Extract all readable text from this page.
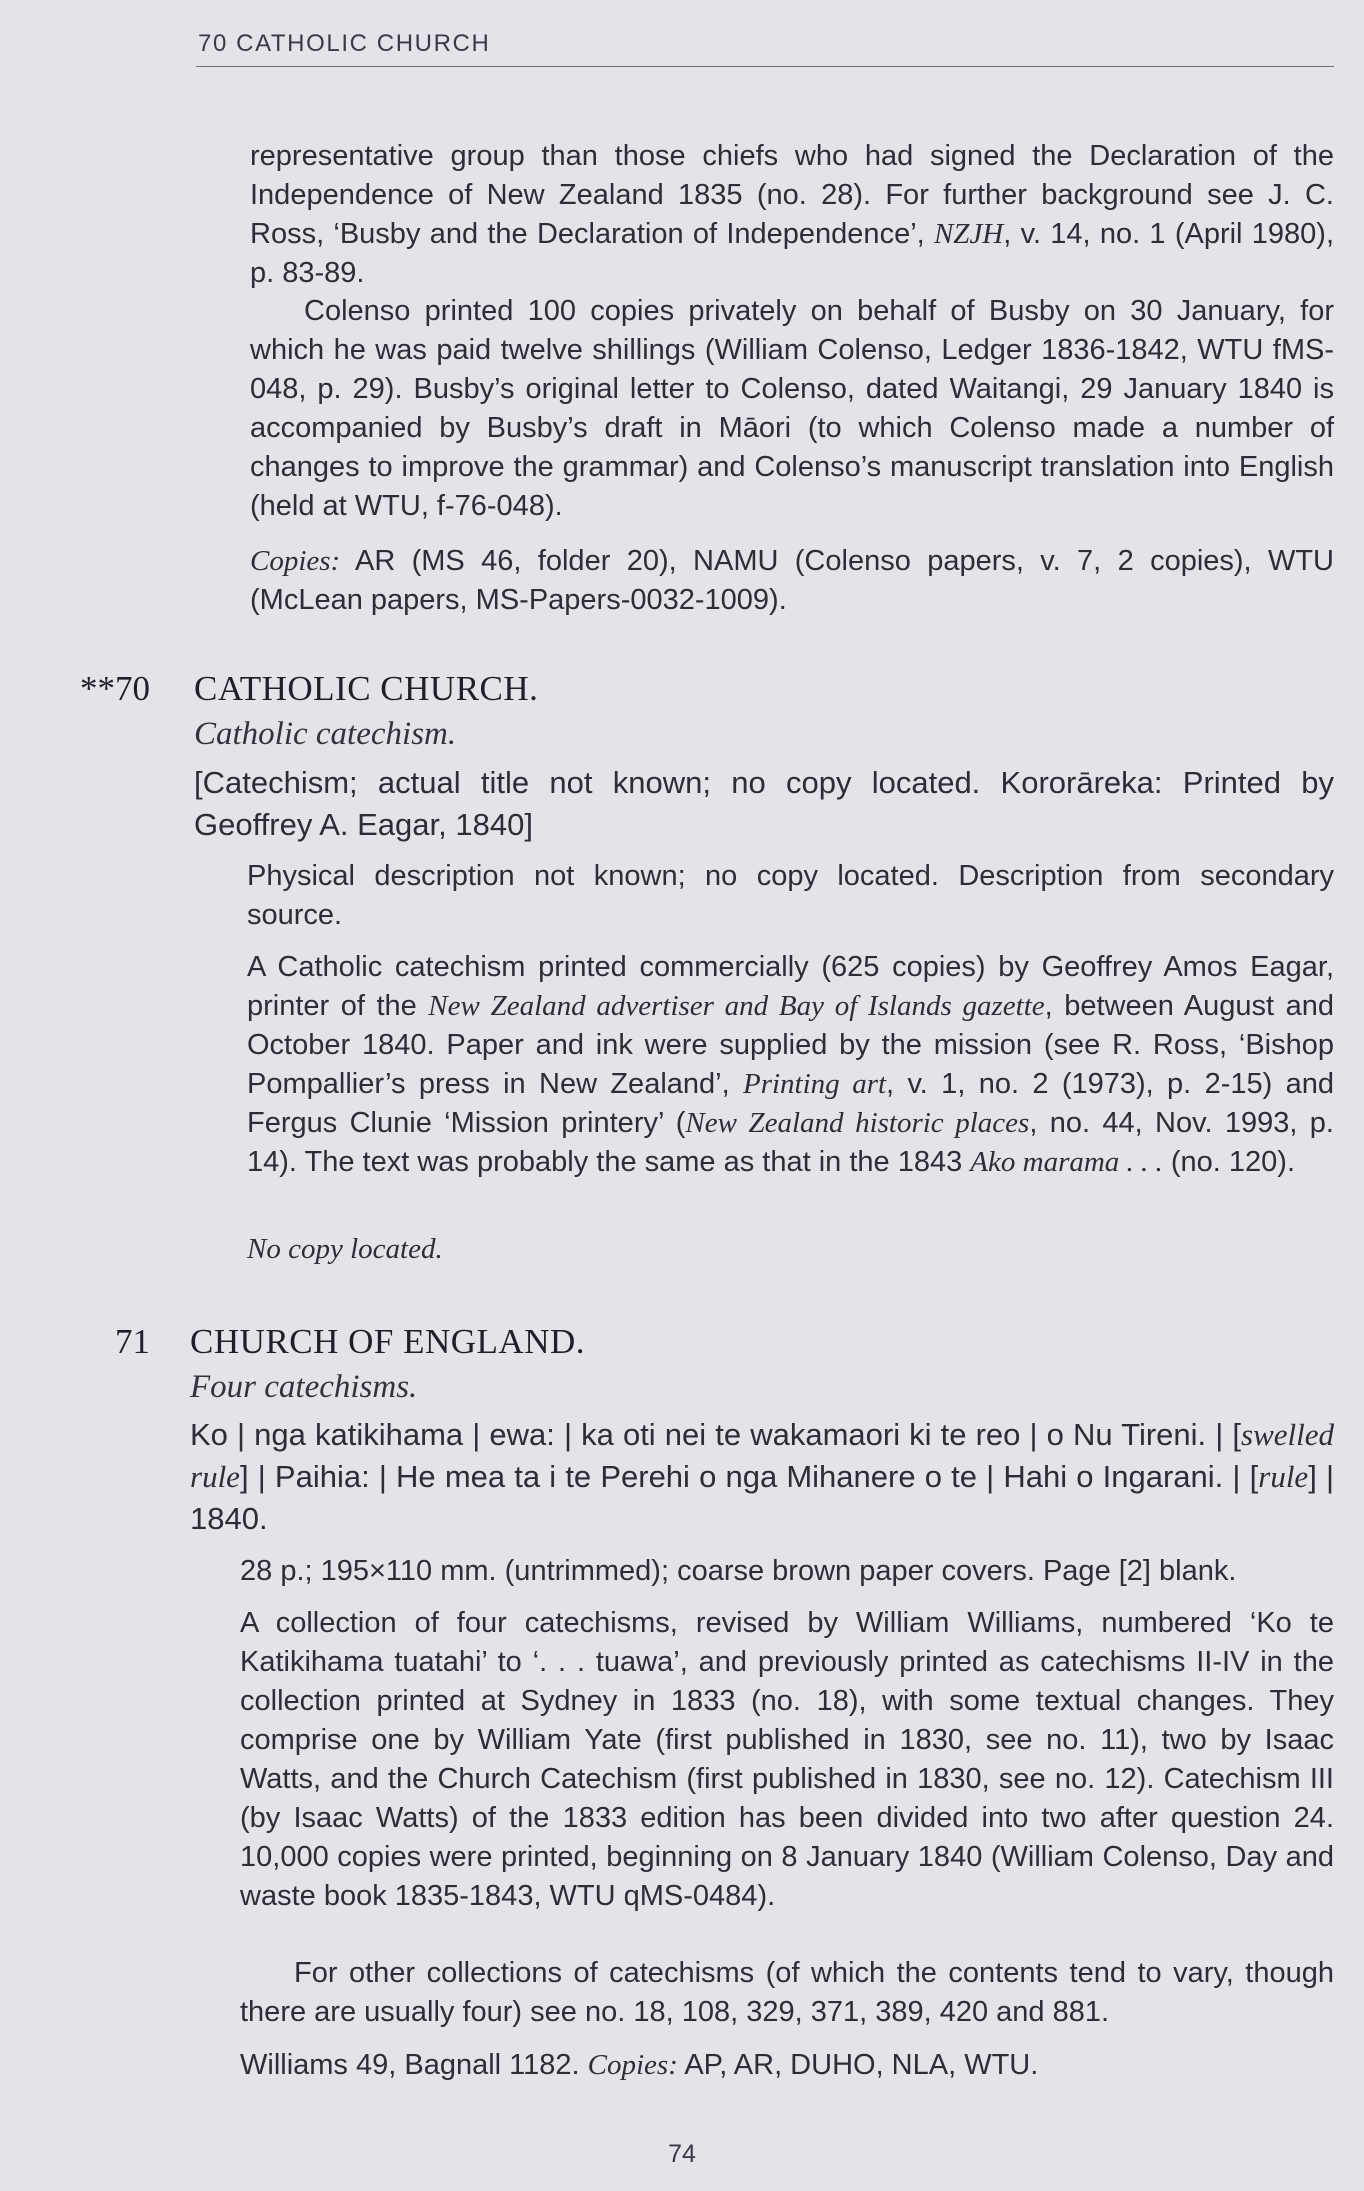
70 CATHOLIC CHURCH

representative group than those chiefs who had signed the Declaration of the Independence of New Zealand 1835 (no. 28). For further background see J. C. Ross, ‘Busby and the Declaration of Independence’, NZJH, v. 14, no. 1 (April 1980), p. 83-89.

Colenso printed 100 copies privately on behalf of Busby on 30 January, for which he was paid twelve shillings (William Colenso, Ledger 1836-1842, WTU fMS-048, p. 29). Busby’s original letter to Colenso, dated Waitangi, 29 January 1840 is accompanied by Busby’s draft in Māori (to which Colenso made a number of changes to improve the grammar) and Colenso’s manuscript translation into English (held at WTU, f-76-048).

Copies: AR (MS 46, folder 20), NAMU (Colenso papers, v. 7, 2 copies), WTU (McLean papers, MS-Papers-0032-1009).

**70 CATHOLIC CHURCH.
Catholic catechism.

[Catechism; actual title not known; no copy located. Kororāreka: Printed by Geoffrey A. Eagar, 1840]

Physical description not known; no copy located. Description from secondary source.

A Catholic catechism printed commercially (625 copies) by Geoffrey Amos Eagar, printer of the New Zealand advertiser and Bay of Islands gazette, between August and October 1840. Paper and ink were supplied by the mission (see R. Ross, ‘Bishop Pompallier’s press in New Zealand’, Printing art, v. 1, no. 2 (1973), p. 2-15) and Fergus Clunie ‘Mission printery’ (New Zealand historic places, no. 44, Nov. 1993, p. 14). The text was probably the same as that in the 1843 Ako marama . . . (no. 120).

No copy located.

71 CHURCH OF ENGLAND.
Four catechisms.

Ko | nga katikihama | ewa: | ka oti nei te wakamaori ki te reo | o Nu Tireni. | [swelled rule] | Paihia: | He mea ta i te Perehi o nga Mihanere o te | Hahi o Ingarani. | [rule] | 1840.

28 p.; 195×110 mm. (untrimmed); coarse brown paper covers. Page [2] blank.

A collection of four catechisms, revised by William Williams, numbered ‘Ko te Katikihama tuatahi’ to ‘. . . tuawa’, and previously printed as catechisms II-IV in the collection printed at Sydney in 1833 (no. 18), with some textual changes. They comprise one by William Yate (first published in 1830, see no. 11), two by Isaac Watts, and the Church Catechism (first published in 1830, see no. 12). Catechism III (by Isaac Watts) of the 1833 edition has been divided into two after question 24. 10,000 copies were printed, beginning on 8 January 1840 (William Colenso, Day and waste book 1835-1843, WTU qMS-0484).

For other collections of catechisms (of which the contents tend to vary, though there are usually four) see no. 18, 108, 329, 371, 389, 420 and 881.

Williams 49, Bagnall 1182. Copies: AP, AR, DUHO, NLA, WTU.

74
